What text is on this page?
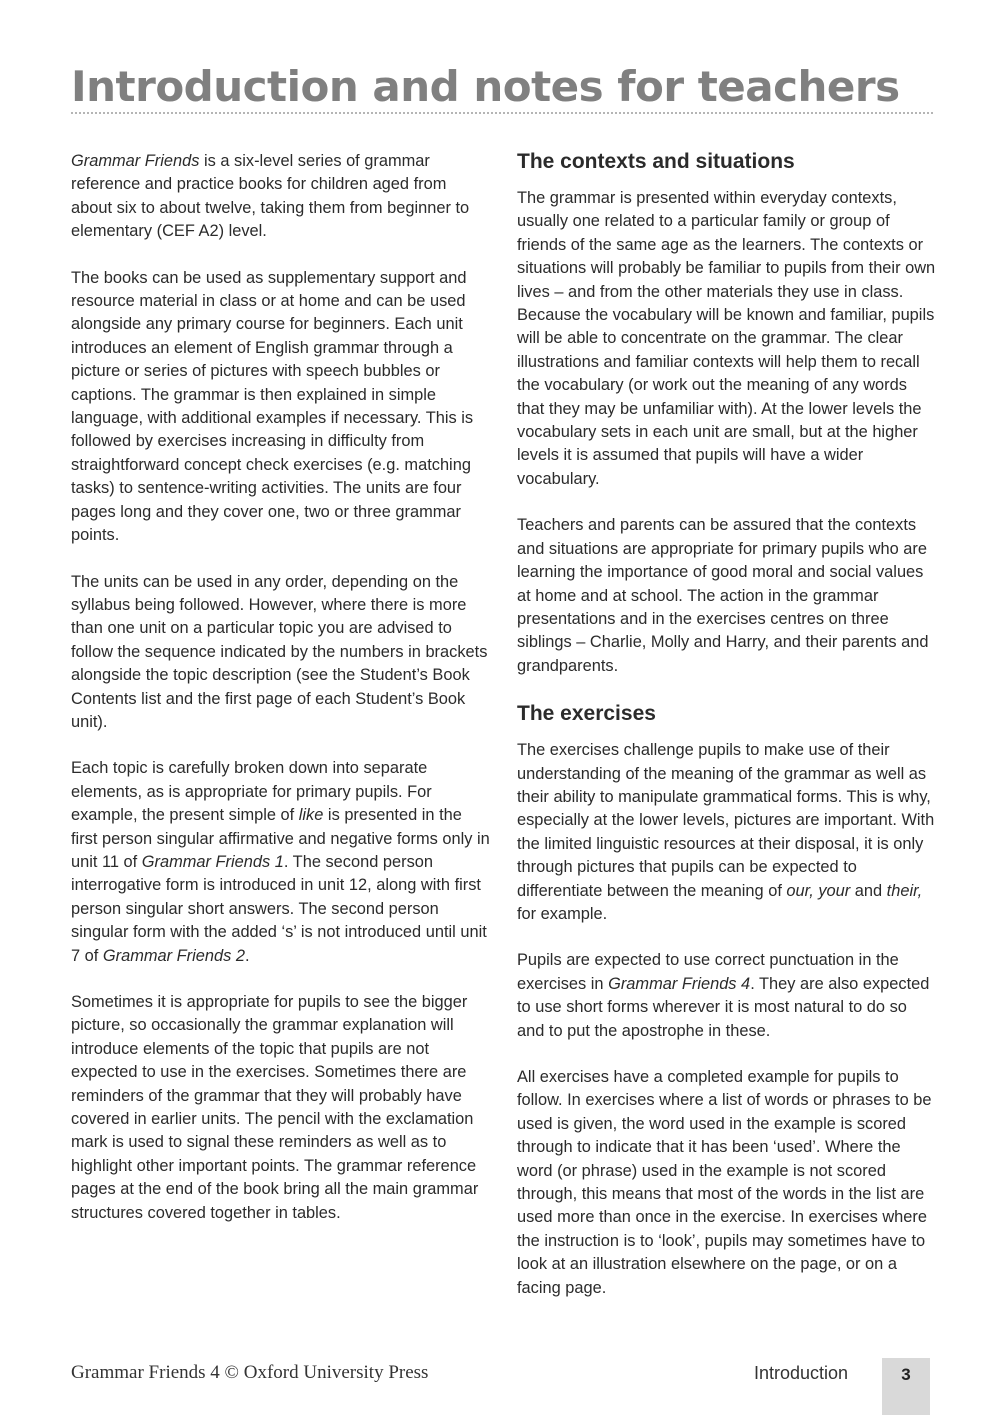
Introduction and notes for teachers

Grammar Friends is a six-level series of grammar reference and practice books for children aged from about six to about twelve, taking them from beginner to elementary (CEF A2) level.

The books can be used as supplementary support and resource material in class or at home and can be used alongside any primary course for beginners. Each unit introduces an element of English grammar through a picture or series of pictures with speech bubbles or captions. The grammar is then explained in simple language, with additional examples if necessary. This is followed by exercises increasing in difficulty from straightforward concept check exercises (e.g. matching tasks) to sentence-writing activities. The units are four pages long and they cover one, two or three grammar points.

The units can be used in any order, depending on the syllabus being followed. However, where there is more than one unit on a particular topic you are advised to follow the sequence indicated by the numbers in brackets alongside the topic description (see the Student’s Book Contents list and the first page of each Student’s Book unit).

Each topic is carefully broken down into separate elements, as is appropriate for primary pupils. For example, the present simple of like is presented in the first person singular affirmative and negative forms only in unit 11 of Grammar Friends 1. The second person interrogative form is introduced in unit 12, along with first person singular short answers. The second person singular form with the added ‘s’ is not introduced until unit 7 of Grammar Friends 2.

Sometimes it is appropriate for pupils to see the bigger picture, so occasionally the grammar explanation will introduce elements of the topic that pupils are not expected to use in the exercises. Sometimes there are reminders of the grammar that they will probably have covered in earlier units. The pencil with the exclamation mark is used to signal these reminders as well as to highlight other important points. The grammar reference pages at the end of the book bring all the main grammar structures covered together in tables.

The contexts and situations

The grammar is presented within everyday contexts, usually one related to a particular family or group of friends of the same age as the learners. The contexts or situations will probably be familiar to pupils from their own lives – and from the other materials they use in class. Because the vocabulary will be known and familiar, pupils will be able to concentrate on the grammar. The clear illustrations and familiar contexts will help them to recall the vocabulary (or work out the meaning of any words that they may be unfamiliar with). At the lower levels the vocabulary sets in each unit are small, but at the higher levels it is assumed that pupils will have a wider vocabulary.

Teachers and parents can be assured that the contexts and situations are appropriate for primary pupils who are learning the importance of good moral and social values at home and at school. The action in the grammar presentations and in the exercises centres on three siblings – Charlie, Molly and Harry, and their parents and grandparents.

The exercises

The exercises challenge pupils to make use of their understanding of the meaning of the grammar as well as their ability to manipulate grammatical forms. This is why, especially at the lower levels, pictures are important. With the limited linguistic resources at their disposal, it is only through pictures that pupils can be expected to differentiate between the meaning of our, your and their, for example.

Pupils are expected to use correct punctuation in the exercises in Grammar Friends 4. They are also expected to use short forms wherever it is most natural to do so and to put the apostrophe in these.

All exercises have a completed example for pupils to follow. In exercises where a list of words or phrases to be used is given, the word used in the example is scored through to indicate that it has been ‘used’. Where the word (or phrase) used in the example is not scored through, this means that most of the words in the list are used more than once in the exercise. In exercises where the instruction is to ‘look’, pupils may sometimes have to look at an illustration elsewhere on the page, or on a facing page.

Grammar Friends 4 © Oxford University Press	Introduction	3
